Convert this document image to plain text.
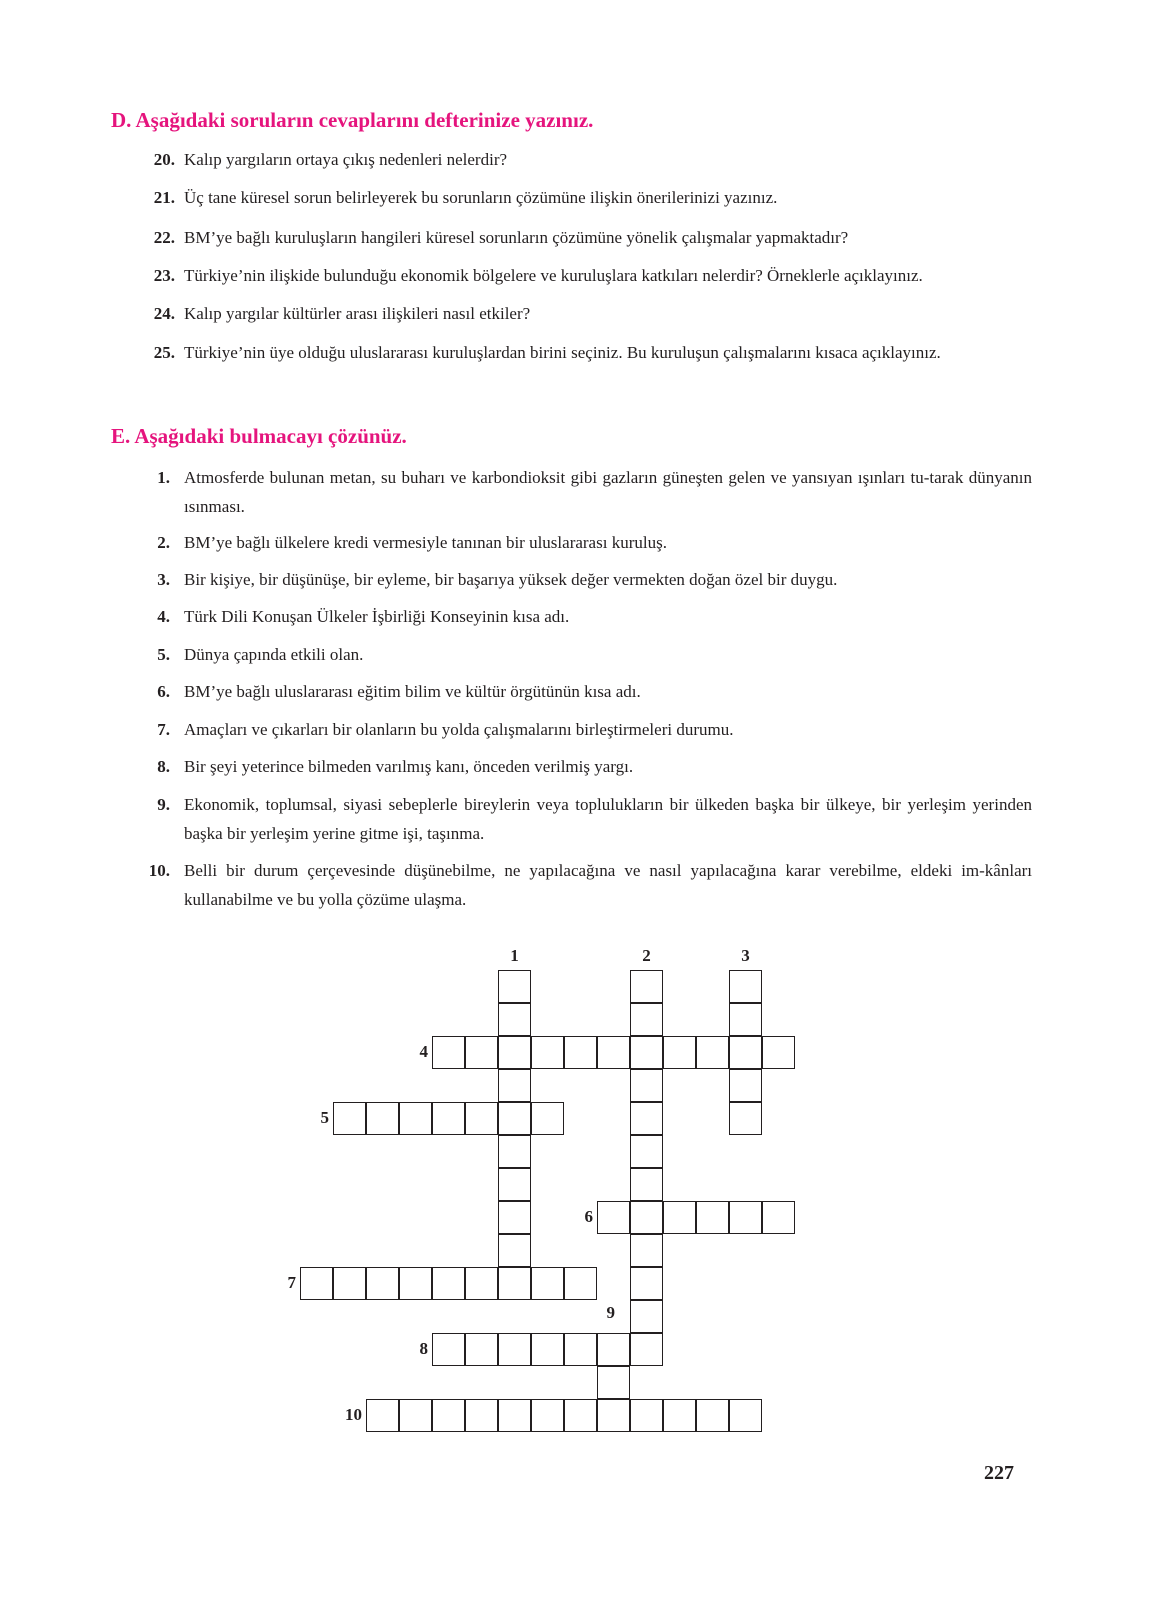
D. Aşağıdaki soruların cevaplarını defterinize yazınız.
20. Kalıp yargıların ortaya çıkış nedenleri nelerdir?
21. Üç tane küresel sorun belirleyerek bu sorunların çözümüne ilişkin önerilerinizi yazınız.
22. BM’ye bağlı kuruluşların hangileri küresel sorunların çözümüne yönelik çalışmalar yapmaktadır?
23. Türkiye’nin ilişkide bulunduğu ekonomik bölgelere ve kuruluşlara katkıları nelerdir? Örneklerle açıklayınız.
24. Kalıp yargılar kültürler arası ilişkileri nasıl etkiler?
25. Türkiye’nin üye olduğu uluslararası kuruluşlardan birini seçiniz. Bu kuruluşun çalışmalarını kısaca açıklayınız.
E. Aşağıdaki bulmacayı çözünüz.
1. Atmosferde bulunan metan, su buharı ve karbondioksit gibi gazların güneşten gelen ve yansıyan ışınları tu-tarak dünyanın ısınması.
2. BM’ye bağlı ülkelere kredi vermesiyle tanınan bir uluslararası kuruluş.
3. Bir kişiye, bir düşünüşe, bir eyleme, bir başarıya yüksek değer vermekten doğan özel bir duygu.
4. Türk Dili Konuşan Ülkeler İşbirliği Konseyinin kısa adı.
5. Dünya çapında etkili olan.
6. BM’ye bağlı uluslararası eğitim bilim ve kültür örgütünün kısa adı.
7. Amaçları ve çıkarları bir olanların bu yolda çalışmalarını birleştirmeleri durumu.
8. Bir şeyi yeterince bilmeden varılmış kanı, önceden verilmiş yargı.
9. Ekonomik, toplumsal, siyasi sebeplerle bireylerin veya toplulukların bir ülkeden başka bir ülkeye, bir yerleşim yerinden başka bir yerleşim yerine gitme işi, taşınma.
10. Belli bir durum çerçevesinde düşünebilme, ne yapılacağına ve nasıl yapılacağına karar verebilme, eldeki im-kânları kullanabilme ve bu yolla çözüme ulaşma.
1	2	3
4
5
6
7
8
9
10
227
